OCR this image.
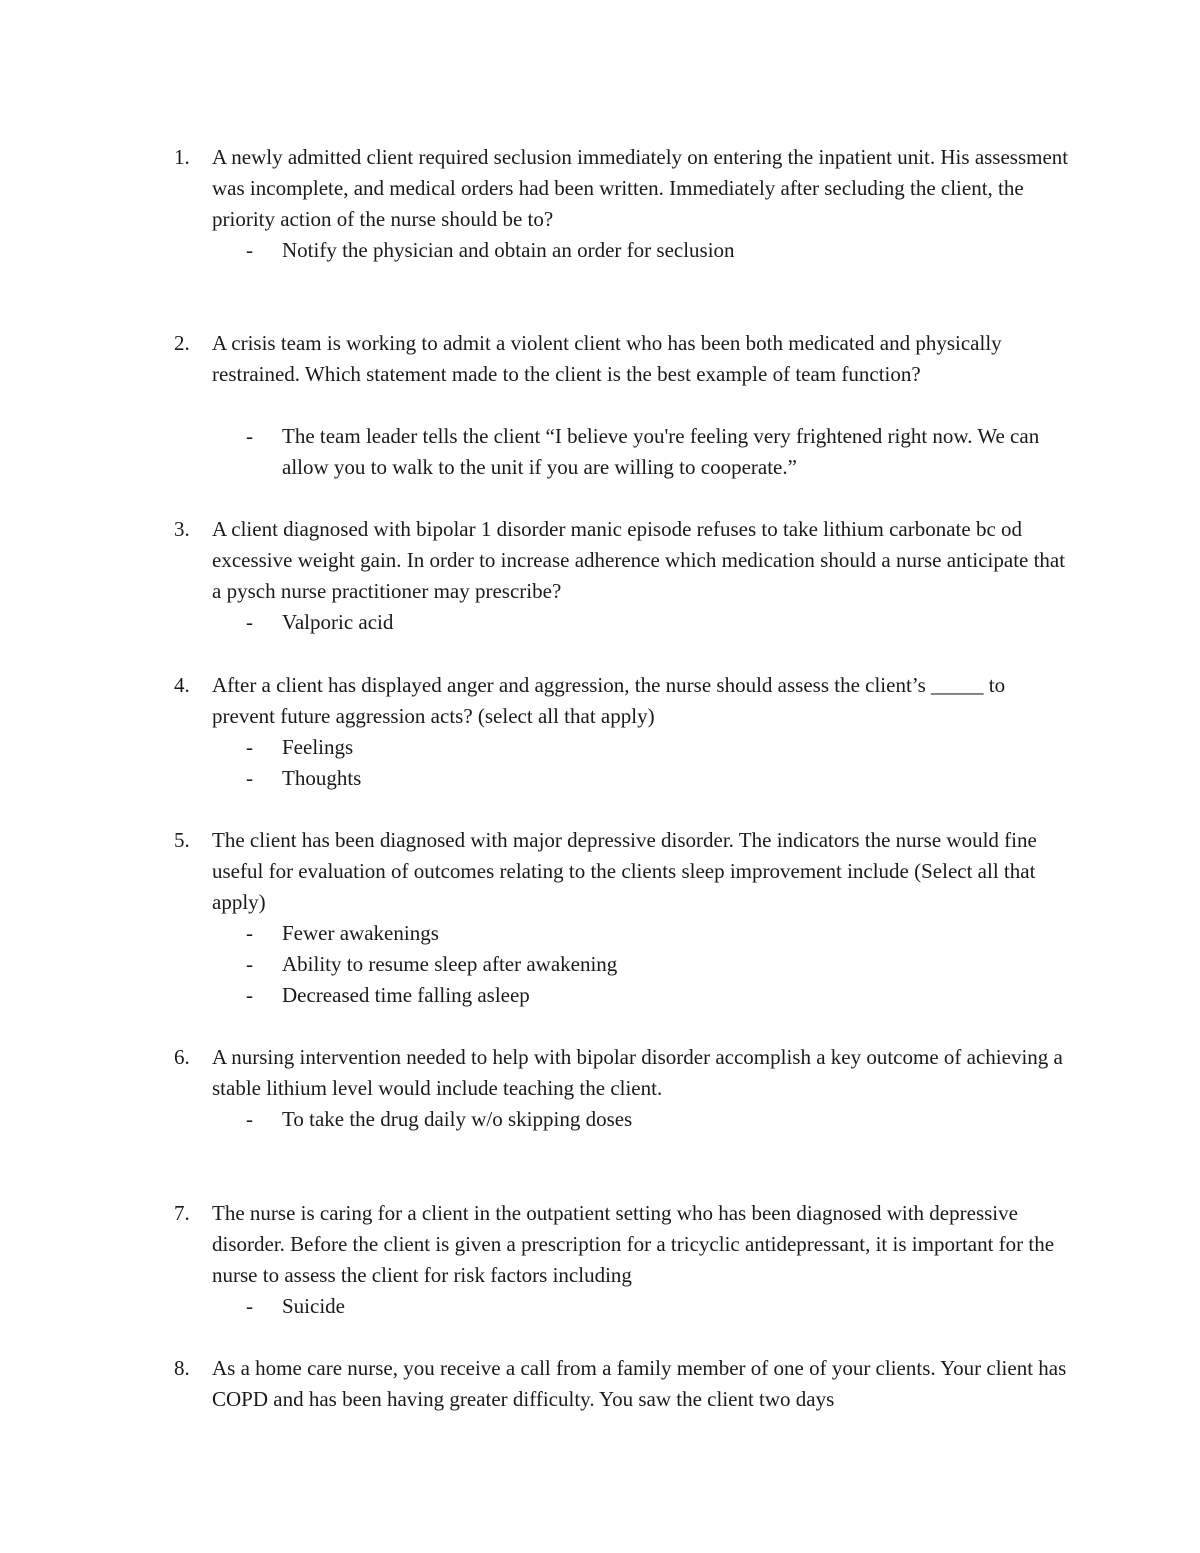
1.	A newly admitted client required seclusion immediately on entering the inpatient unit. His assessment was incomplete, and medical orders had been written. Immediately after secluding the client, the priority action of the nurse should be to?
- Notify the physician and obtain an order for seclusion
2.	A crisis team is working to admit a violent client who has been both medicated and physically restrained. Which statement made to the client is the best example of team function?
- The team leader tells the client “I believe you're feeling very frightened right now. We can allow you to walk to the unit if you are willing to cooperate.”
3.	A client diagnosed with bipolar 1 disorder manic episode refuses to take lithium carbonate bc od excessive weight gain. In order to increase adherence which medication should a nurse anticipate that a pysch nurse practitioner may prescribe?
- Valporic acid
4.	After a client has displayed anger and aggression, the nurse should assess the client’s _____ to prevent future aggression acts? (select all that apply)
- Feelings
- Thoughts
5.	The client has been diagnosed with major depressive disorder. The indicators the nurse would fine useful for evaluation of outcomes relating to the clients sleep improvement include (Select all that apply)
- Fewer awakenings
- Ability to resume sleep after awakening
- Decreased time falling asleep
6.	A nursing intervention needed to help with bipolar disorder accomplish a key outcome of achieving a stable lithium level would include teaching the client.
- To take the drug daily w/o skipping doses
7.	The nurse is caring for a client in the outpatient setting who has been diagnosed with depressive disorder. Before the client is given a prescription for a tricyclic antidepressant, it is important for the nurse to assess the client for risk factors including
- Suicide
8.	As a home care nurse, you receive a call from a family member of one of your clients. Your client has COPD and has been having greater difficulty. You saw the client two days
